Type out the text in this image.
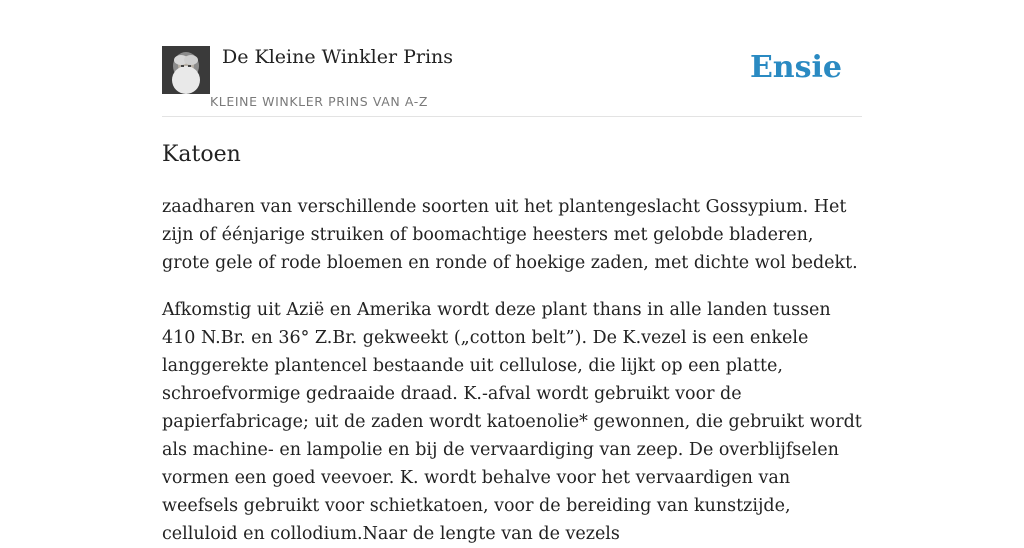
De Kleine Winkler Prins
KLEINE WINKLER PRINS VAN A-Z
Ensie
Katoen

zaadharen van verschillende soorten uit het plantengeslacht Gossypium. Het zijn of éénjarige struiken of boomachtige heesters met gelobde bladeren, grote gele of rode bloemen en ronde of hoekige zaden, met dichte wol bedekt.

Afkomstig uit Azië en Amerika wordt deze plant thans in alle landen tussen 410 N.Br. en 36° Z.Br. gekweekt („cotton belt”). De K.vezel is een enkele langgerekte plantencel bestaande uit cellulose, die lijkt op een platte, schroefvormige gedraaide draad. K.-afval wordt gebruikt voor de papierfabricage; uit de zaden wordt katoenolie* gewonnen, die gebruikt wordt als machine- en lampolie en bij de vervaardiging van zeep. De overblijfselen vormen een goed veevoer. K. wordt behalve voor het vervaardigen van weefsels gebruikt voor schietkatoen, voor de bereiding van kunstzijde, celluloid en collodium.Naar de lengte van de vezels
